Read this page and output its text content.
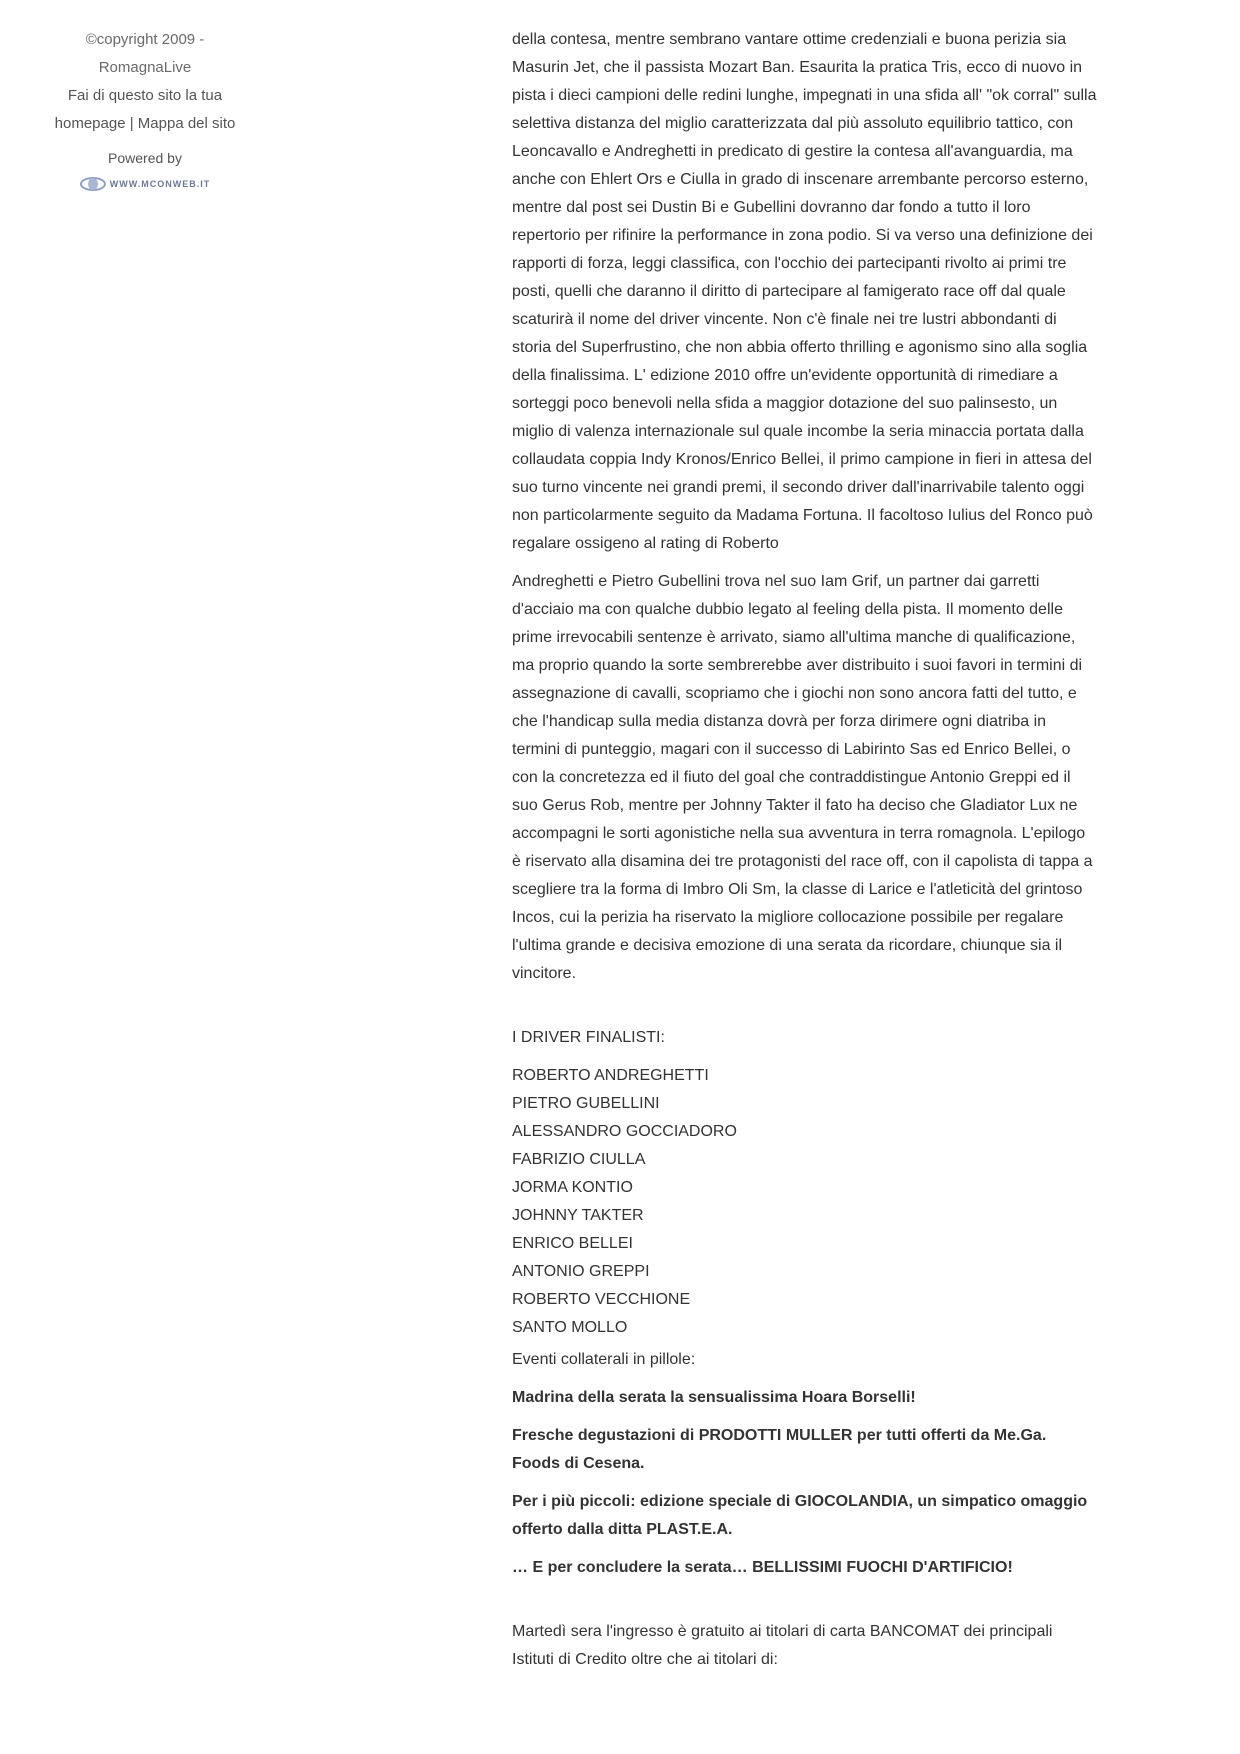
©copyright 2009 - RomagnaLive
Fai di questo sito la tua homepage | Mappa del sito
Powered by
WWW.MCONWEB.IT

della contesa, mentre sembrano vantare ottime credenziali e buona perizia sia Masurin Jet, che il passista Mozart Ban. Esaurita la pratica Tris, ecco di nuovo in pista i dieci campioni delle redini lunghe, impegnati in una sfida all' "ok corral" sulla selettiva distanza del miglio caratterizzata dal più assoluto equilibrio tattico, con Leoncavallo e Andreghetti in predicato di gestire la contesa all'avanguardia, ma anche con Ehlert Ors e Ciulla in grado di inscenare arrembante percorso esterno, mentre dal post sei Dustin Bi e Gubellini dovranno dar fondo a tutto il loro repertorio per rifinire la performance in zona podio. Si va verso una definizione dei rapporti di forza, leggi classifica, con l'occhio dei partecipanti rivolto ai primi tre posti, quelli che daranno il diritto di partecipare al famigerato race off dal quale scaturirà il nome del driver vincente. Non c'è finale nei tre lustri abbondanti di storia del Superfrustino, che non abbia offerto thrilling e agonismo sino alla soglia della finalissima. L' edizione 2010 offre un'evidente opportunità di rimediare a sorteggi poco benevoli nella sfida a maggior dotazione del suo palinsesto, un miglio di valenza internazionale sul quale incombe la seria minaccia portata dalla collaudata coppia Indy Kronos/Enrico Bellei, il primo campione in fieri in attesa del suo turno vincente nei grandi premi, il secondo driver dall'inarrivabile talento oggi non particolarmente seguito da Madama Fortuna. Il facoltoso Iulius del Ronco può regalare ossigeno al rating di Roberto

Andreghetti e Pietro Gubellini trova nel suo Iam Grif, un partner dai garretti d'acciaio ma con qualche dubbio legato al feeling della pista. Il momento delle prime irrevocabili sentenze è arrivato, siamo all'ultima manche di qualificazione, ma proprio quando la sorte sembrerebbe aver distribuito i suoi favori in termini di assegnazione di cavalli, scopriamo che i giochi non sono ancora fatti del tutto, e che l'handicap sulla media distanza dovrà per forza dirimere ogni diatriba in termini di punteggio, magari con il successo di Labirinto Sas ed Enrico Bellei, o con la concretezza ed il fiuto del goal che contraddistingue Antonio Greppi ed il suo Gerus Rob, mentre per Johnny Takter il fato ha deciso che Gladiator Lux ne accompagni le sorti agonistiche nella sua avventura in terra romagnola. L'epilogo è riservato alla disamina dei tre protagonisti del race off, con il capolista di tappa a scegliere tra la forma di Imbro Oli Sm, la classe di Larice e l'atleticità del grintoso Incos, cui la perizia ha riservato la migliore collocazione possibile per regalare l'ultima grande e decisiva emozione di una serata da ricordare, chiunque sia il vincitore.

I DRIVER FINALISTI:

ROBERTO ANDREGHETTI
PIETRO GUBELLINI
ALESSANDRO GOCCIADORO
FABRIZIO CIULLA
JORMA KONTIO
JOHNNY TAKTER
ENRICO BELLEI
ANTONIO GREPPI
ROBERTO VECCHIONE
SANTO MOLLO

Eventi collaterali in pillole:

Madrina della serata la sensualissima Hoara Borselli!

Fresche degustazioni di PRODOTTI MULLER per tutti offerti da Me.Ga. Foods di Cesena.

Per i più piccoli: edizione speciale di GIOCOLANDIA, un simpatico omaggio offerto dalla ditta PLAST.E.A.

… E per concludere la serata… BELLISSIMI FUOCHI D'ARTIFICIO!

Martedì sera l'ingresso è gratuito ai titolari di carta BANCOMAT dei principali Istituti di Credito oltre che ai titolari di:
